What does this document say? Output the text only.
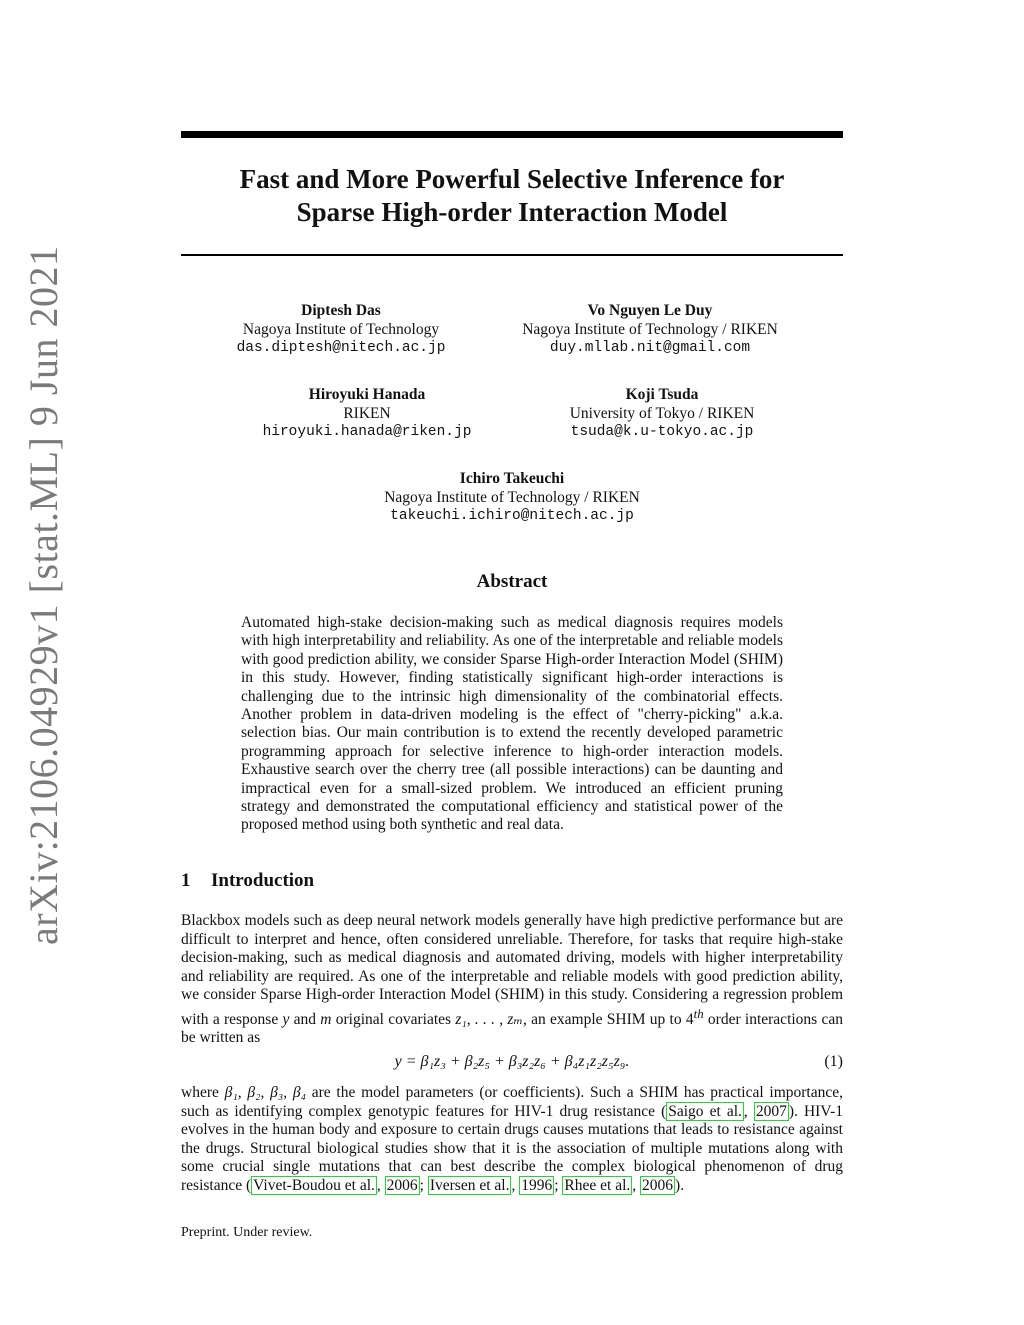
arXiv:2106.04929v1 [stat.ML] 9 Jun 2021
Fast and More Powerful Selective Inference for
Sparse High-order Interaction Model
Diptesh Das
Nagoya Institute of Technology
das.diptesh@nitech.ac.jp
Vo Nguyen Le Duy
Nagoya Institute of Technology / RIKEN
duy.mllab.nit@gmail.com
Hiroyuki Hanada
RIKEN
hiroyuki.hanada@riken.jp
Koji Tsuda
University of Tokyo / RIKEN
tsuda@k.u-tokyo.ac.jp
Ichiro Takeuchi
Nagoya Institute of Technology / RIKEN
takeuchi.ichiro@nitech.ac.jp
Abstract
Automated high-stake decision-making such as medical diagnosis requires models with high interpretability and reliability. As one of the interpretable and reliable models with good prediction ability, we consider Sparse High-order Interaction Model (SHIM) in this study. However, finding statistically significant high-order interactions is challenging due to the intrinsic high dimensionality of the combinatorial effects. Another problem in data-driven modeling is the effect of "cherry-picking" a.k.a. selection bias. Our main contribution is to extend the recently developed parametric programming approach for selective inference to high-order interaction models. Exhaustive search over the cherry tree (all possible interactions) can be daunting and impractical even for a small-sized problem. We introduced an efficient pruning strategy and demonstrated the computational efficiency and statistical power of the proposed method using both synthetic and real data.
1 Introduction
Blackbox models such as deep neural network models generally have high predictive performance but are difficult to interpret and hence, often considered unreliable. Therefore, for tasks that require high-stake decision-making, such as medical diagnosis and automated driving, models with higher interpretability and reliability are required. As one of the interpretable and reliable models with good prediction ability, we consider Sparse High-order Interaction Model (SHIM) in this study. Considering a regression problem with a response y and m original covariates z₁, . . . , zₘ, an example SHIM up to 4th order interactions can be written as
y = β₁z₃ + β₂z₅ + β₃z₂z₆ + β₄z₁z₂z₅z₉.	(1)
where β₁, β₂, β₃, β₄ are the model parameters (or coefficients). Such a SHIM has practical importance, such as identifying complex genotypic features for HIV-1 drug resistance ( Saigo et al. , 2007 ). HIV-1 evolves in the human body and exposure to certain drugs causes mutations that leads to resistance against the drugs. Structural biological studies show that it is the association of multiple mutations along with some crucial single mutations that can best describe the complex biological phenomenon of drug resistance ( Vivet-Boudou et al. , 2006 ; Iversen et al. , 1996 ; Rhee et al. , 2006 ).
Preprint. Under review.
